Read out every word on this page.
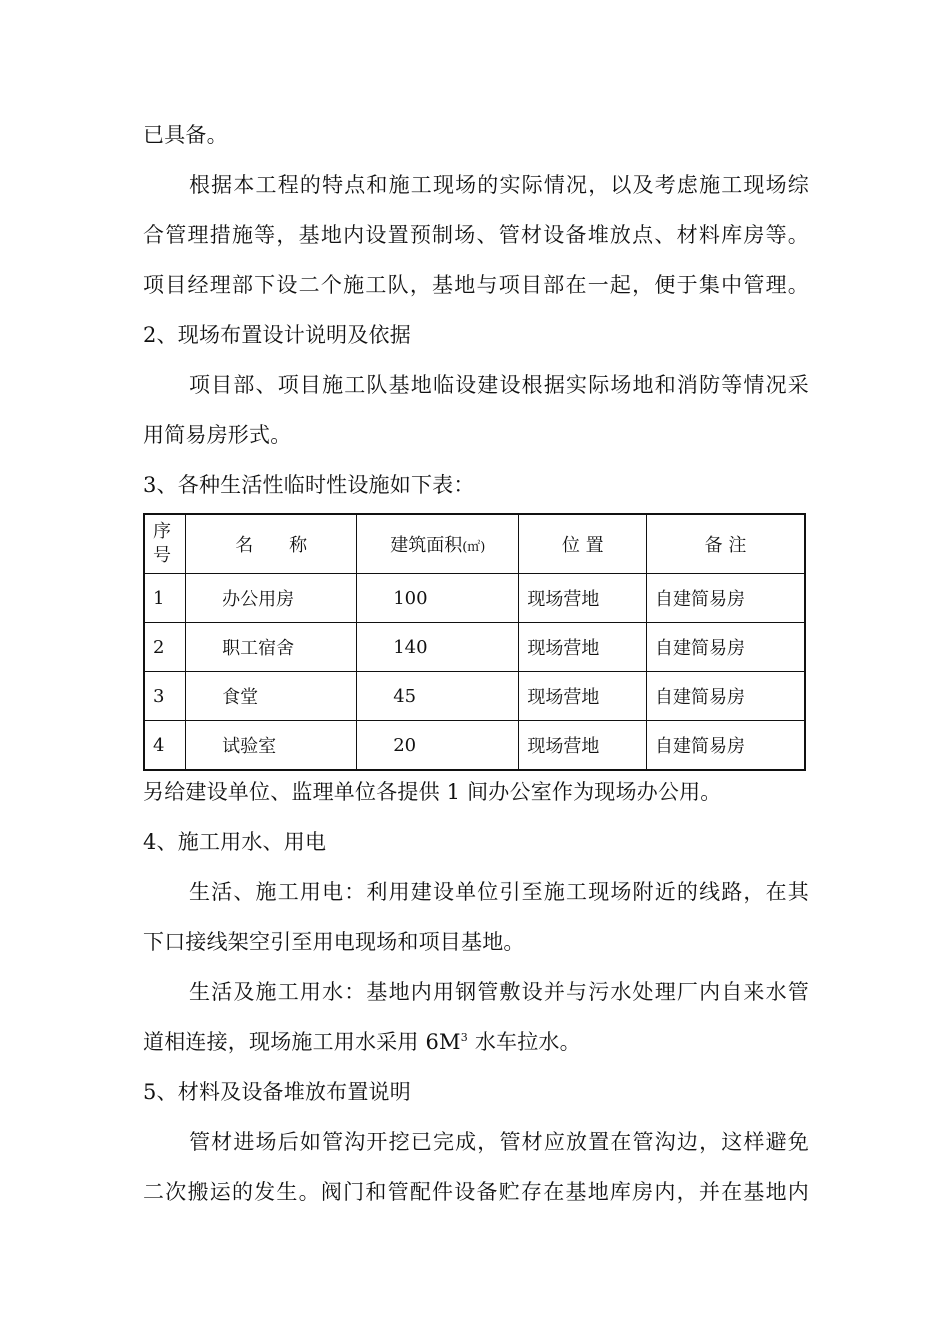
已具备。
根据本工程的特点和施工现场的实际情况，以及考虑施工现场综
合管理措施等，基地内设置预制场、管材设备堆放点、材料库房等。
项目经理部下设二个施工队，基地与项目部在一起，便于集中管理。
2、现场布置设计说明及依据
项目部、项目施工队基地临设建设根据实际场地和消防等情况采
用简易房形式。
3、各种生活性临时性设施如下表：
序
号	名　　称	建筑面积(㎡)	位 置	备 注
1	办公用房	100	现场营地	自建简易房
2	职工宿舍	140	现场营地	自建简易房
3	食堂	45	现场营地	自建简易房
4	试验室	20	现场营地	自建简易房
另给建设单位、监理单位各提供 1 间办公室作为现场办公用。
4、施工用水、用电
生活、施工用电：利用建设单位引至施工现场附近的线路，在其
下口接线架空引至用电现场和项目基地。
生活及施工用水：基地内用钢管敷设并与污水处理厂内自来水管
道相连接，现场施工用水采用 $6M^3$ 水车拉水。
5、材料及设备堆放布置说明
管材进场后如管沟开挖已完成，管材应放置在管沟边，这样避免
二次搬运的发生。阀门和管配件设备贮存在基地库房内，并在基地内
